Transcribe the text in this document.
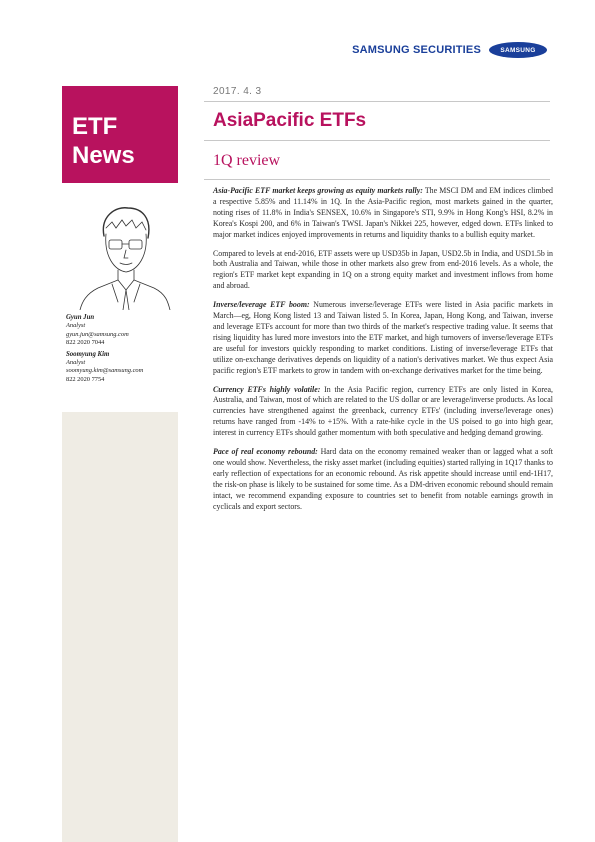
ETF
News
SAMSUNG SECURITIES	SAMSUNG
2017. 4. 3
AsiaPacific ETFs
1Q review
Gyun Jun
Analyst
gyun.jun@samsung.com
822 2020 7044
Soomyung Kim
Analyst
soomyung.kim@samsung.com
822 2020 7754

Asia-Pacific ETF market keeps growing as equity markets rally: The MSCI DM and EM indices climbed a respective 5.85% and 11.14% in 1Q. In the Asia-Pacific region, most markets gained in the quarter, noting rises of 11.8% in India's SENSEX, 10.6% in Singapore's STI, 9.9% in Hong Kong's HSI, 8.2% in Korea's Kospi 200, and 6% in Taiwan's TWSI. Japan's Nikkei 225, however, edged down. ETFs linked to major market indices enjoyed improvements in returns and liquidity thanks to a bullish equity market.

Compared to levels at end-2016, ETF assets were up USD35b in Japan, USD2.5b in India, and USD1.5b in both Australia and Taiwan, while those in other markets also grew from end-2016 levels. As a whole, the region's ETF market kept expanding in 1Q on a strong equity market and investment inflows from home and abroad.

Inverse/leverage ETF boom: Numerous inverse/leverage ETFs were listed in Asia pacific markets in March—eg, Hong Kong listed 13 and Taiwan listed 5. In Korea, Japan, Hong Kong, and Taiwan, inverse and leverage ETFs account for more than two thirds of the market's respective trading value. It seems that rising liquidity has lured more investors into the ETF market, and high turnovers of inverse/leverage ETFs are useful for investors quickly responding to market conditions. Listing of inverse/leverage ETFs that utilize on-exchange derivatives depends on liquidity of a nation's derivatives market. We thus expect Asia pacific region's ETF markets to grow in tandem with on-exchange derivatives market for the time being.

Currency ETFs highly volatile: In the Asia Pacific region, currency ETFs are only listed in Korea, Australia, and Taiwan, most of which are related to the US dollar or are leverage/inverse products. As local currencies have strengthened against the greenback, currency ETFs' (including inverse/leverage ones) returns have ranged from -14% to +15%. With a rate-hike cycle in the US poised to go into high gear, interest in currency ETFs should gather momentum with both speculative and hedging demand growing.

Pace of real economy rebound: Hard data on the economy remained weaker than or lagged what a soft one would show. Nevertheless, the risky asset market (including equities) started rallying in 1Q17 thanks to early reflection of expectations for an economic rebound. As risk appetite should increase until end-1H17, the risk-on phase is likely to be sustained for some time. As a DM-driven economic rebound should remain intact, we recommend expanding exposure to countries set to benefit from notable earnings growth in cyclicals and export sectors.
